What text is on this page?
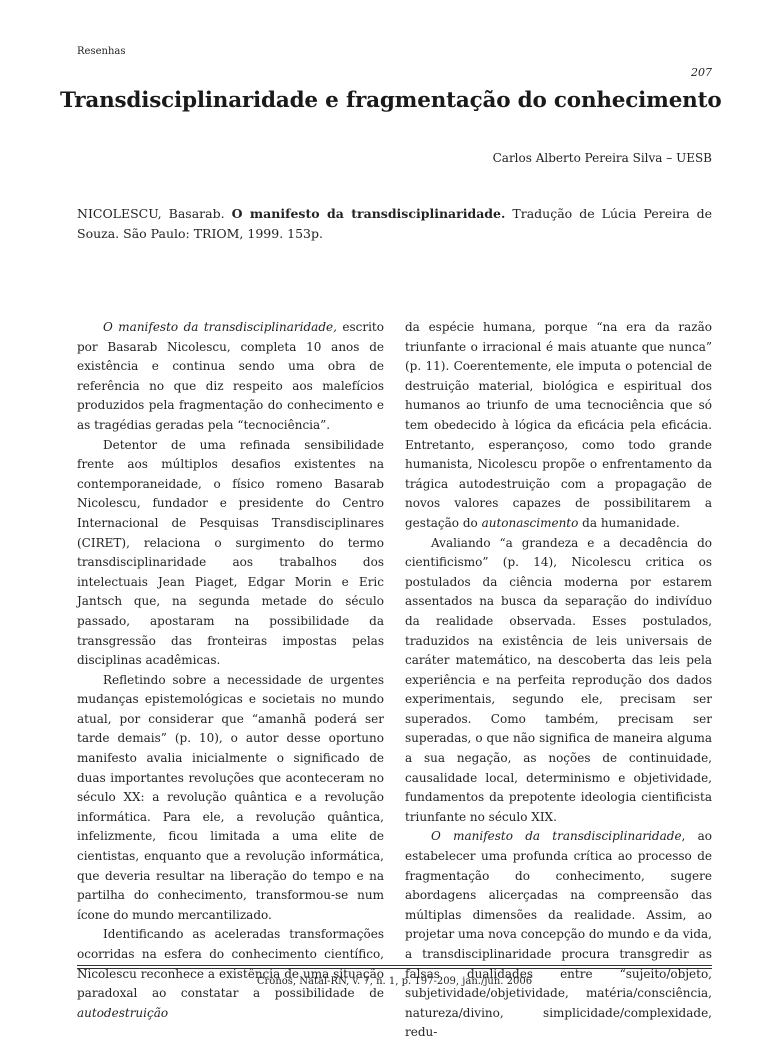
Resenhas
207
Transdisciplinaridade e fragmentação do conhecimento
Carlos Alberto Pereira Silva – UESB
NICOLESCU, Basarab. O manifesto da transdisciplinaridade. Tradução de Lúcia Pereira de Souza. São Paulo: TRIOM, 1999. 153p.

O manifesto da transdisciplinaridade, escrito por Basarab Nicolescu, completa 10 anos de existência e continua sendo uma obra de referência no que diz respeito aos malefícios produzidos pela fragmentação do conhecimento e as tragédias geradas pela “tecnociência”.

Detentor de uma refinada sensibilidade frente aos múltiplos desafios existentes na contemporaneidade, o físico romeno Basarab Nicolescu, fundador e presidente do Centro Internacional de Pesquisas Transdisciplinares (CIRET), relaciona o surgimento do termo transdisciplinaridade aos trabalhos dos intelectuais Jean Piaget, Edgar Morin e Eric Jantsch que, na segunda metade do século passado, apostaram na possibilidade da transgressão das fronteiras impostas pelas disciplinas acadêmicas.

Refletindo sobre a necessidade de urgentes mudanças epistemológicas e societais no mundo atual, por considerar que “amanhã poderá ser tarde demais” (p. 10), o autor desse oportuno manifesto avalia inicialmente o significado de duas importantes revoluções que aconteceram no século XX: a revolução quântica e a revolução informática. Para ele, a revolução quântica, infelizmente, ficou limitada a uma elite de cientistas, enquanto que a revolução informática, que deveria resultar na liberação do tempo e na partilha do conhecimento, transformou-se num ícone do mundo mercantilizado.

Identificando as aceleradas transformações ocorridas na esfera do conhecimento científico, Nicolescu reconhece a existência de uma situação paradoxal ao constatar a possibilidade de autodestruição

da espécie humana, porque “na era da razão triunfante o irracional é mais atuante que nunca” (p. 11). Coerentemente, ele imputa o potencial de destruição material, biológica e espiritual dos humanos ao triunfo de uma tecnociência que só tem obedecido à lógica da eficácia pela eficácia. Entretanto, esperançoso, como todo grande humanista, Nicolescu propõe o enfrentamento da trágica autodestruição com a propagação de novos valores capazes de possibilitarem a gestação do autonascimento da humanidade.

Avaliando “a grandeza e a decadência do cientificismo” (p. 14), Nicolescu critica os postulados da ciência moderna por estarem assentados na busca da separação do indivíduo da realidade observada. Esses postulados, traduzidos na existência de leis universais de caráter matemático, na descoberta das leis pela experiência e na perfeita reprodução dos dados experimentais, segundo ele, precisam ser superados. Como também, precisam ser superadas, o que não significa de maneira alguma a sua negação, as noções de continuidade, causalidade local, determinismo e objetividade, fundamentos da prepotente ideologia cientificista triunfante no século XIX.

O manifesto da transdisciplinaridade, ao estabelecer uma profunda crítica ao processo de fragmentação do conhecimento, sugere abordagens alicerçadas na compreensão das múltiplas dimensões da realidade. Assim, ao projetar uma nova concepção do mundo e da vida, a transdisciplinaridade procura transgredir as falsas dualidades entre “sujeito/objeto, subjetividade/objetividade, matéria/consciência, natureza/divino, simplicidade/complexidade, redu-

Cronos, Natal-RN, v. 7, n. 1, p. 197-209, jan./jun. 2006
